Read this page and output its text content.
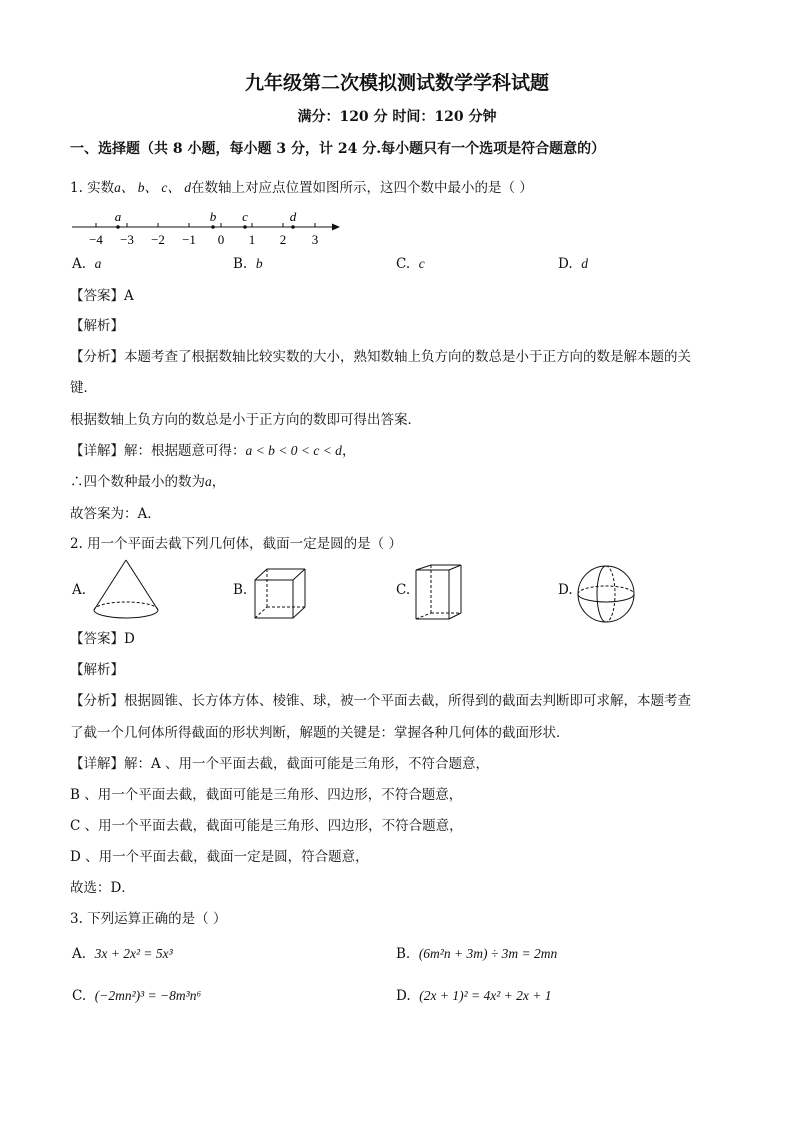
九年级第二次模拟测试数学学科试题
满分：120 分 时间：120 分钟
一、选择题（共 8 小题，每小题 3 分，计 24 分.每小题只有一个选项是符合题意的）
1. 实数a、 b、 c、 d在数轴上对应点位置如图所示，这四个数中最小的是（ ）
a	b c	d
−4 −3 −2 −1 0 1 2 3
A. a	B. b	C. c	D. d
【答案】A
【解析】
【分析】本题考查了根据数轴比较实数的大小，熟知数轴上负方向的数总是小于正方向的数是解本题的关
键．
根据数轴上负方向的数总是小于正方向的数即可得出答案．
【详解】解：根据题意可得：a < b < 0 < c < d，
∴四个数种最小的数为a，
故答案为：A．
2. 用一个平面去截下列几何体，截面一定是圆的是（ ）
A.	B.	C.	D.
【答案】D
【解析】
【分析】根据圆锥、长方体方体、棱锥、球，被一个平面去截，所得到的截面去判断即可求解，本题考查
了截一个几何体所得截面的形状判断，解题的关键是：掌握各种几何体的截面形状．
【详解】解：A 、用一个平面去截，截面可能是三角形，不符合题意，
B 、用一个平面去截，截面可能是三角形、四边形，不符合题意，
C 、用一个平面去截，截面可能是三角形、四边形，不符合题意，
D 、用一个平面去截，截面一定是圆，符合题意，
故选：D．
3. 下列运算正确的是（ ）
A. 3x + 2x² = 5x³	B. (6m²n + 3m) ÷ 3m = 2mn
C. (−2mn²)³ = −8m³n⁶	D. (2x + 1)² = 4x² + 2x + 1
